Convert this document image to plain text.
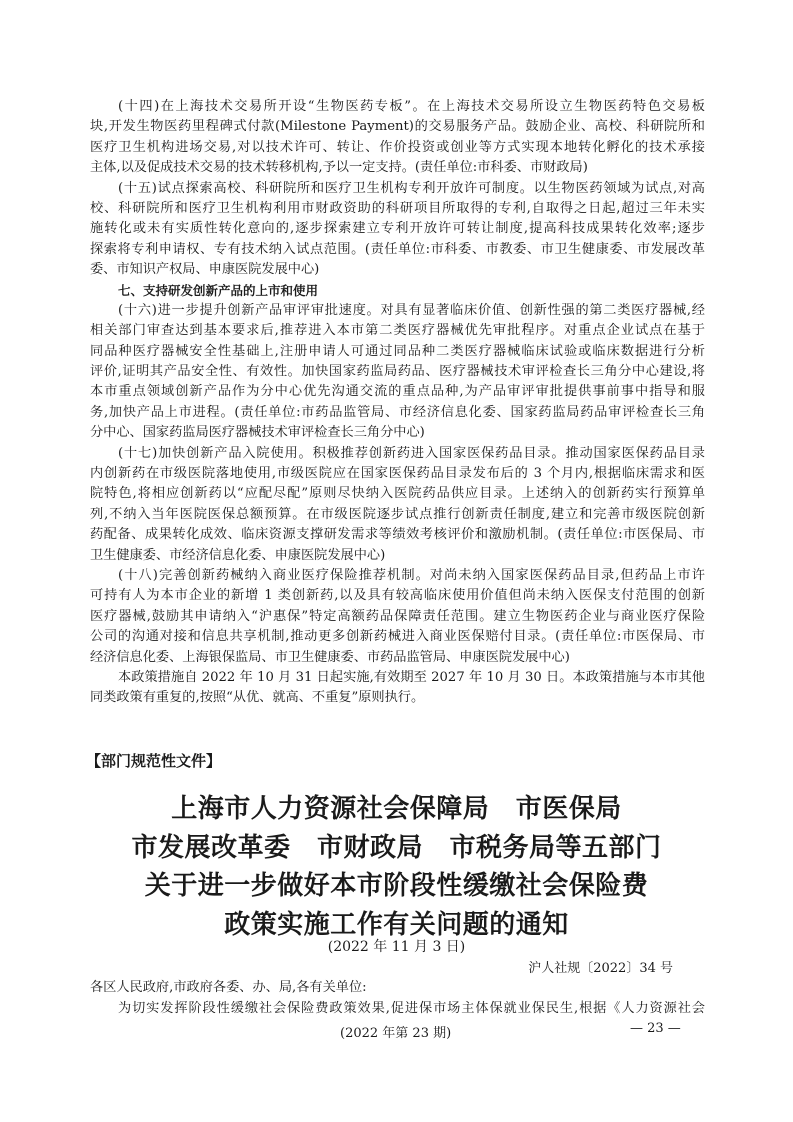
(十四)在上海技术交易所开设“生物医药专板”。在上海技术交易所设立生物医药特色交易板
块,开发生物医药里程碑式付款(Milestone Payment)的交易服务产品。鼓励企业、高校、科研院所和
医疗卫生机构进场交易,对以技术许可、转让、作价投资或创业等方式实现本地转化孵化的技术承接
主体,以及促成技术交易的技术转移机构,予以一定支持。(责任单位:市科委、市财政局)
(十五)试点探索高校、科研院所和医疗卫生机构专利开放许可制度。以生物医药领域为试点,对高
校、科研院所和医疗卫生机构利用市财政资助的科研项目所取得的专利,自取得之日起,超过三年未实
施转化或未有实质性转化意向的,逐步探索建立专利开放许可转让制度,提高科技成果转化效率;逐步
探索将专利申请权、专有技术纳入试点范围。(责任单位:市科委、市教委、市卫生健康委、市发展改革
委、市知识产权局、申康医院发展中心)
七、支持研发创新产品的上市和使用
(十六)进一步提升创新产品审评审批速度。对具有显著临床价值、创新性强的第二类医疗器械,经
相关部门审查达到基本要求后,推荐进入本市第二类医疗器械优先审批程序。对重点企业试点在基于
同品种医疗器械安全性基础上,注册申请人可通过同品种二类医疗器械临床试验或临床数据进行分析
评价,证明其产品安全性、有效性。加快国家药监局药品、医疗器械技术审评检查长三角分中心建设,将
本市重点领域创新产品作为分中心优先沟通交流的重点品种,为产品审评审批提供事前事中指导和服
务,加快产品上市进程。(责任单位:市药品监管局、市经济信息化委、国家药监局药品审评检查长三角
分中心、国家药监局医疗器械技术审评检查长三角分中心)
(十七)加快创新产品入院使用。积极推荐创新药进入国家医保药品目录。推动国家医保药品目录
内创新药在市级医院落地使用,市级医院应在国家医保药品目录发布后的 3 个月内,根据临床需求和医
院特色,将相应创新药以“应配尽配”原则尽快纳入医院药品供应目录。上述纳入的创新药实行预算单
列,不纳入当年医院医保总额预算。在市级医院逐步试点推行创新责任制度,建立和完善市级医院创新
药配备、成果转化成效、临床资源支撑研发需求等绩效考核评价和激励机制。(责任单位:市医保局、市
卫生健康委、市经济信息化委、申康医院发展中心)
(十八)完善创新药械纳入商业医疗保险推荐机制。对尚未纳入国家医保药品目录,但药品上市许
可持有人为本市企业的新增 1 类创新药,以及具有较高临床使用价值但尚未纳入医保支付范围的创新
医疗器械,鼓励其申请纳入“沪惠保”特定高额药品保障责任范围。建立生物医药企业与商业医疗保险
公司的沟通对接和信息共享机制,推动更多创新药械进入商业医保赔付目录。(责任单位:市医保局、市
经济信息化委、上海银保监局、市卫生健康委、市药品监管局、申康医院发展中心)
本政策措施自 2022 年 10 月 31 日起实施,有效期至 2027 年 10 月 30 日。本政策措施与本市其他
同类政策有重复的,按照“从优、就高、不重复”原则执行。
【部门规范性文件】
上海市人力资源社会保障局　市医保局
市发展改革委　市财政局　市税务局等五部门
关于进一步做好本市阶段性缓缴社会保险费
政策实施工作有关问题的通知
(2022 年 11 月 3 日)
沪人社规〔2022〕34 号
各区人民政府,市政府各委、办、局,各有关单位:
为切实发挥阶段性缓缴社会保险费政策效果,促进保市场主体保就业保民生,根据《人力资源社会
(2022 年第 23 期)	— 23 —
